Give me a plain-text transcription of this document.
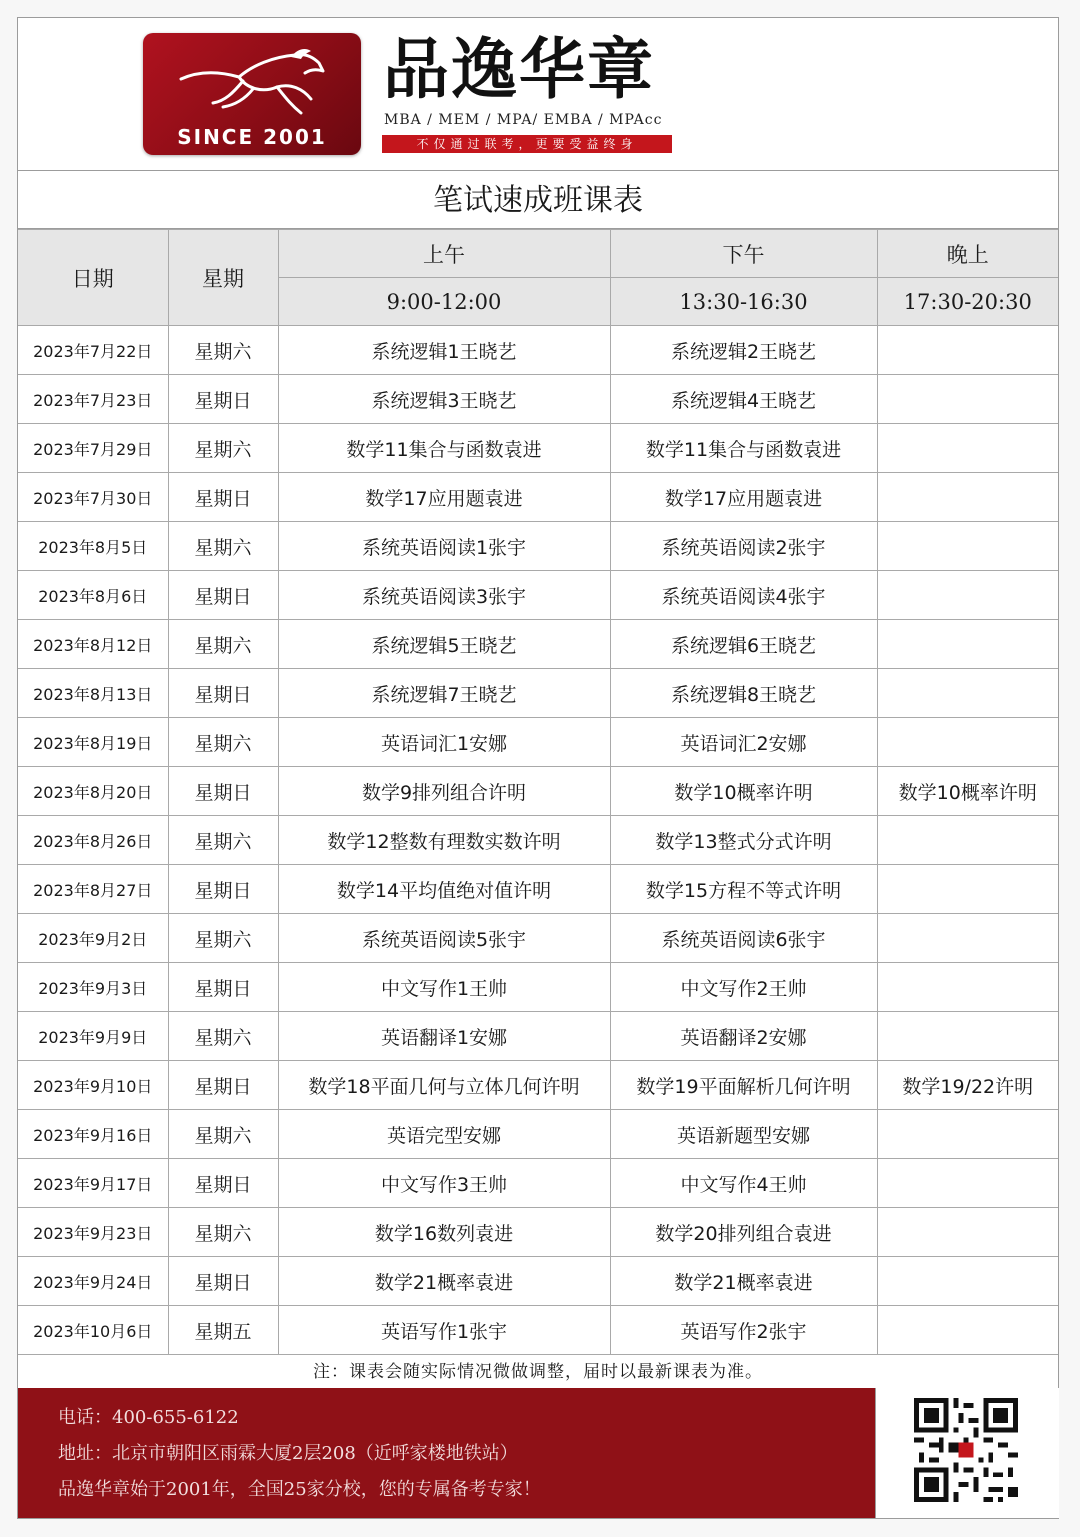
SINCE 2001
品逸华章
MBA / MEM / MPA/ EMBA / MPAcc
不仅通过联考，更要受益终身
笔试速成班课表
日期	星期	上午	下午	晚上
		9:00-12:00	13:30-16:30	17:30-20:30
2023年7月22日	星期六	系统逻辑1王晓艺	系统逻辑2王晓艺	
2023年7月23日	星期日	系统逻辑3王晓艺	系统逻辑4王晓艺	
2023年7月29日	星期六	数学11集合与函数袁进	数学11集合与函数袁进	
2023年7月30日	星期日	数学17应用题袁进	数学17应用题袁进	
2023年8月5日	星期六	系统英语阅读1张宇	系统英语阅读2张宇	
2023年8月6日	星期日	系统英语阅读3张宇	系统英语阅读4张宇	
2023年8月12日	星期六	系统逻辑5王晓艺	系统逻辑6王晓艺	
2023年8月13日	星期日	系统逻辑7王晓艺	系统逻辑8王晓艺	
2023年8月19日	星期六	英语词汇1安娜	英语词汇2安娜	
2023年8月20日	星期日	数学9排列组合许明	数学10概率许明	数学10概率许明
2023年8月26日	星期六	数学12整数有理数实数许明	数学13整式分式许明	
2023年8月27日	星期日	数学14平均值绝对值许明	数学15方程不等式许明	
2023年9月2日	星期六	系统英语阅读5张宇	系统英语阅读6张宇	
2023年9月3日	星期日	中文写作1王帅	中文写作2王帅	
2023年9月9日	星期六	英语翻译1安娜	英语翻译2安娜	
2023年9月10日	星期日	数学18平面几何与立体几何许明	数学19平面解析几何许明	数学19/22许明
2023年9月16日	星期六	英语完型安娜	英语新题型安娜	
2023年9月17日	星期日	中文写作3王帅	中文写作4王帅	
2023年9月23日	星期六	数学16数列袁进	数学20排列组合袁进	
2023年9月24日	星期日	数学21概率袁进	数学21概率袁进	
2023年10月6日	星期五	英语写作1张宇	英语写作2张宇	
注：课表会随实际情况微做调整，届时以最新课表为准。
电话：400-655-6122
地址：北京市朝阳区雨霖大厦2层208（近呼家楼地铁站）
品逸华章始于2001年，全国25家分校，您的专属备考专家！
